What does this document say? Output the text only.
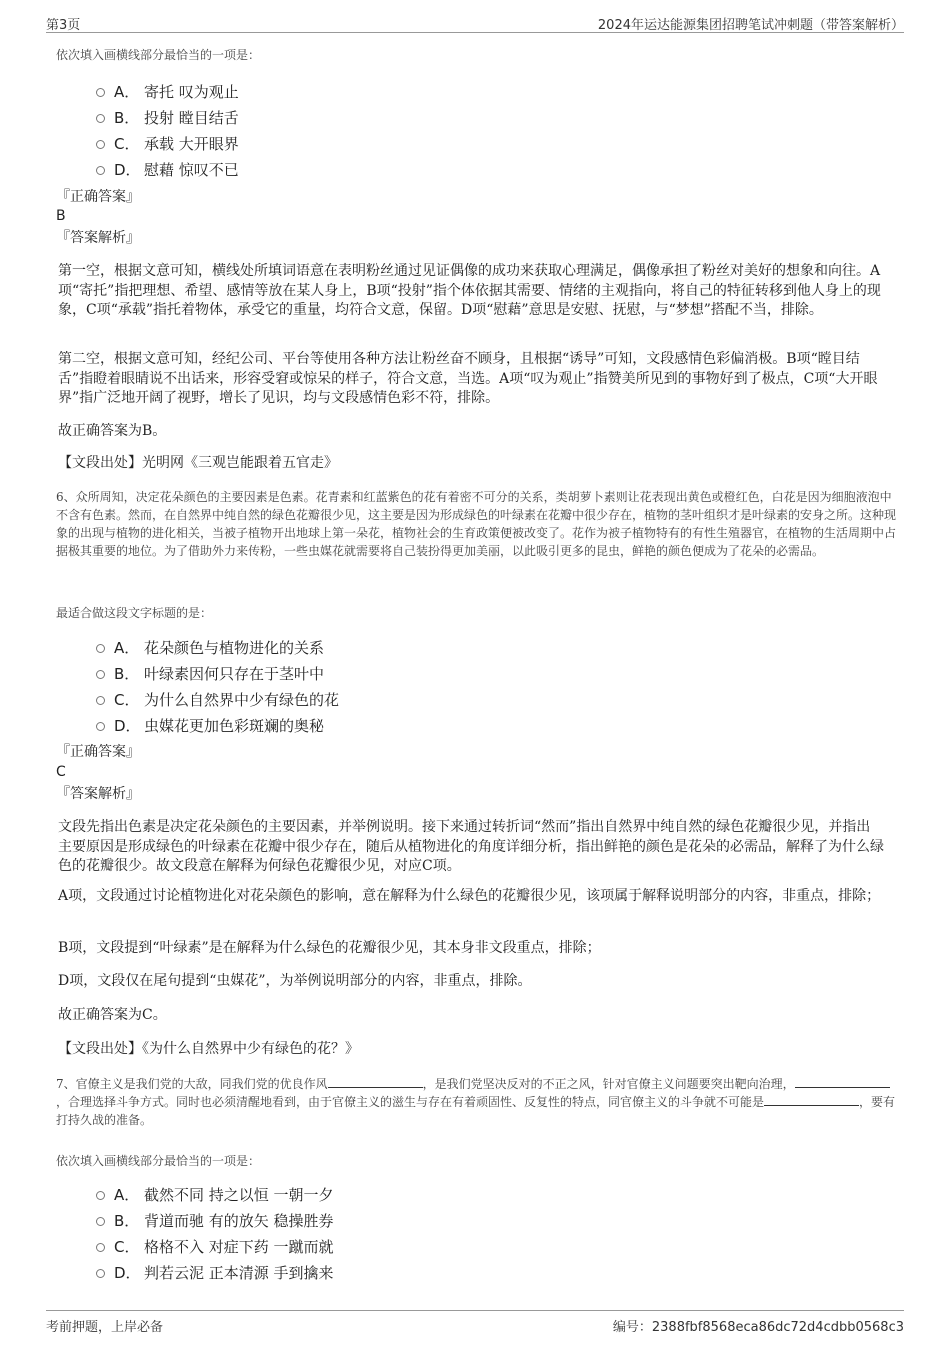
第3页	2024年运达能源集团招聘笔试冲刺题（带答案解析）
依次填入画横线部分最恰当的一项是：
A． 寄托 叹为观止
B． 投射 瞠目结舌
C． 承载 大开眼界
D． 慰藉 惊叹不已
『正确答案』
B
『答案解析』
第一空，根据文意可知，横线处所填词语意在表明粉丝通过见证偶像的成功来获取心理满足，偶像承担了粉丝对美好的想象和向往。A项“寄托”指把理想、希望、感情等放在某人身上，B项“投射”指个体依据其需要、情绪的主观指向，将自己的特征转移到他人身上的现象，C项“承载”指托着物体，承受它的重量，均符合文意，保留。D项“慰藉”意思是安慰、抚慰，与“梦想”搭配不当，排除。
第二空，根据文意可知，经纪公司、平台等使用各种方法让粉丝奋不顾身，且根据“诱导”可知，文段感情色彩偏消极。B项“瞠目结舌”指瞪着眼睛说不出话来，形容受窘或惊呆的样子，符合文意，当选。A项“叹为观止”指赞美所见到的事物好到了极点，C项“大开眼界”指广泛地开阔了视野，增长了见识，均与文段感情色彩不符，排除。
故正确答案为B。
【文段出处】光明网《三观岂能跟着五官走》
6、众所周知，决定花朵颜色的主要因素是色素。花青素和红蓝紫色的花有着密不可分的关系，类胡萝卜素则让花表现出黄色或橙红色，白花是因为细胞液泡中不含有色素。然而，在自然界中纯自然的绿色花瓣很少见，这主要是因为形成绿色的叶绿素在花瓣中很少存在，植物的茎叶组织才是叶绿素的安身之所。这种现象的出现与植物的进化相关，当被子植物开出地球上第一朵花，植物社会的生育政策便被改变了。花作为被子植物特有的有性生殖器官，在植物的生活周期中占据极其重要的地位。为了借助外力来传粉，一些虫媒花就需要将自己装扮得更加美丽，以此吸引更多的昆虫，鲜艳的颜色便成为了花朵的必需品。
最适合做这段文字标题的是：
A． 花朵颜色与植物进化的关系
B． 叶绿素因何只存在于茎叶中
C． 为什么自然界中少有绿色的花
D． 虫媒花更加色彩斑斓的奥秘
『正确答案』
C
『答案解析』
文段先指出色素是决定花朵颜色的主要因素，并举例说明。接下来通过转折词“然而”指出自然界中纯自然的绿色花瓣很少见，并指出主要原因是形成绿色的叶绿素在花瓣中很少存在，随后从植物进化的角度详细分析，指出鲜艳的颜色是花朵的必需品，解释了为什么绿色的花瓣很少。故文段意在解释为何绿色花瓣很少见，对应C项。
A项，文段通过讨论植物进化对花朵颜色的影响，意在解释为什么绿色的花瓣很少见，该项属于解释说明部分的内容，非重点，排除；
B项，文段提到“叶绿素”是在解释为什么绿色的花瓣很少见，其本身非文段重点，排除；
D项，文段仅在尾句提到“虫媒花”，为举例说明部分的内容，非重点，排除。
故正确答案为C。
【文段出处】《为什么自然界中少有绿色的花？》
7、官僚主义是我们党的大敌，同我们党的优良作风	，是我们党坚决反对的不正之风，针对官僚主义问题要突出靶向治理，，合理选择斗争方式。同时也必须清醒地看到，由于官僚主义的滋生与存在有着顽固性、反复性的特点，同官僚主义的斗争就不可能是	，要有打持久战的准备。
依次填入画横线部分最恰当的一项是：
A． 截然不同 持之以恒 一朝一夕
B． 背道而驰 有的放矢 稳操胜券
C． 格格不入 对症下药 一蹴而就
D． 判若云泥 正本清源 手到擒来
考前押题，上岸必备	编号：2388fbf8568eca86dc72d4cdbb0568c3
